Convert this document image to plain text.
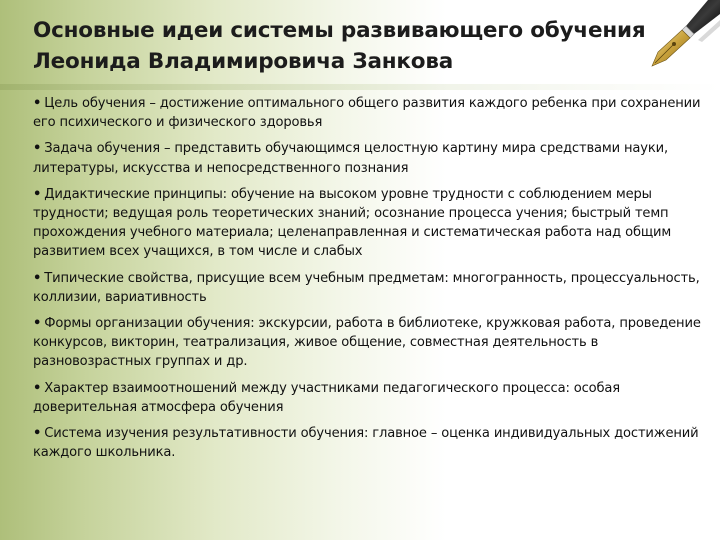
Основные идеи системы развивающего обучения
Леонида Владимировича Занкова
• Цель обучения – достижение оптимального общего развития каждого ребенка при сохранении его психического и физического здоровья
• Задача обучения – представить обучающимся целостную картину мира средствами науки, литературы, искусства и непосредственного познания
• Дидактические принципы: обучение на высоком уровне трудности с соблюдением меры трудности; ведущая роль теоретических знаний; осознание процесса учения; быстрый темп прохождения учебного материала; целенаправленная и систематическая работа над общим развитием всех учащихся, в том числе и слабых
• Типические свойства, присущие всем учебным предметам: многогранность, процессуальность, коллизии, вариативность
• Формы организации обучения: экскурсии, работа в библиотеке, кружковая работа, проведение конкурсов, викторин, театрализация, живое общение, совместная деятельность в разновозрастных группах и др.
• Характер взаимоотношений между участниками педагогического процесса: особая доверительная атмосфера обучения
• Система изучения результативности обучения: главное – оценка индивидуальных достижений каждого школьника.
